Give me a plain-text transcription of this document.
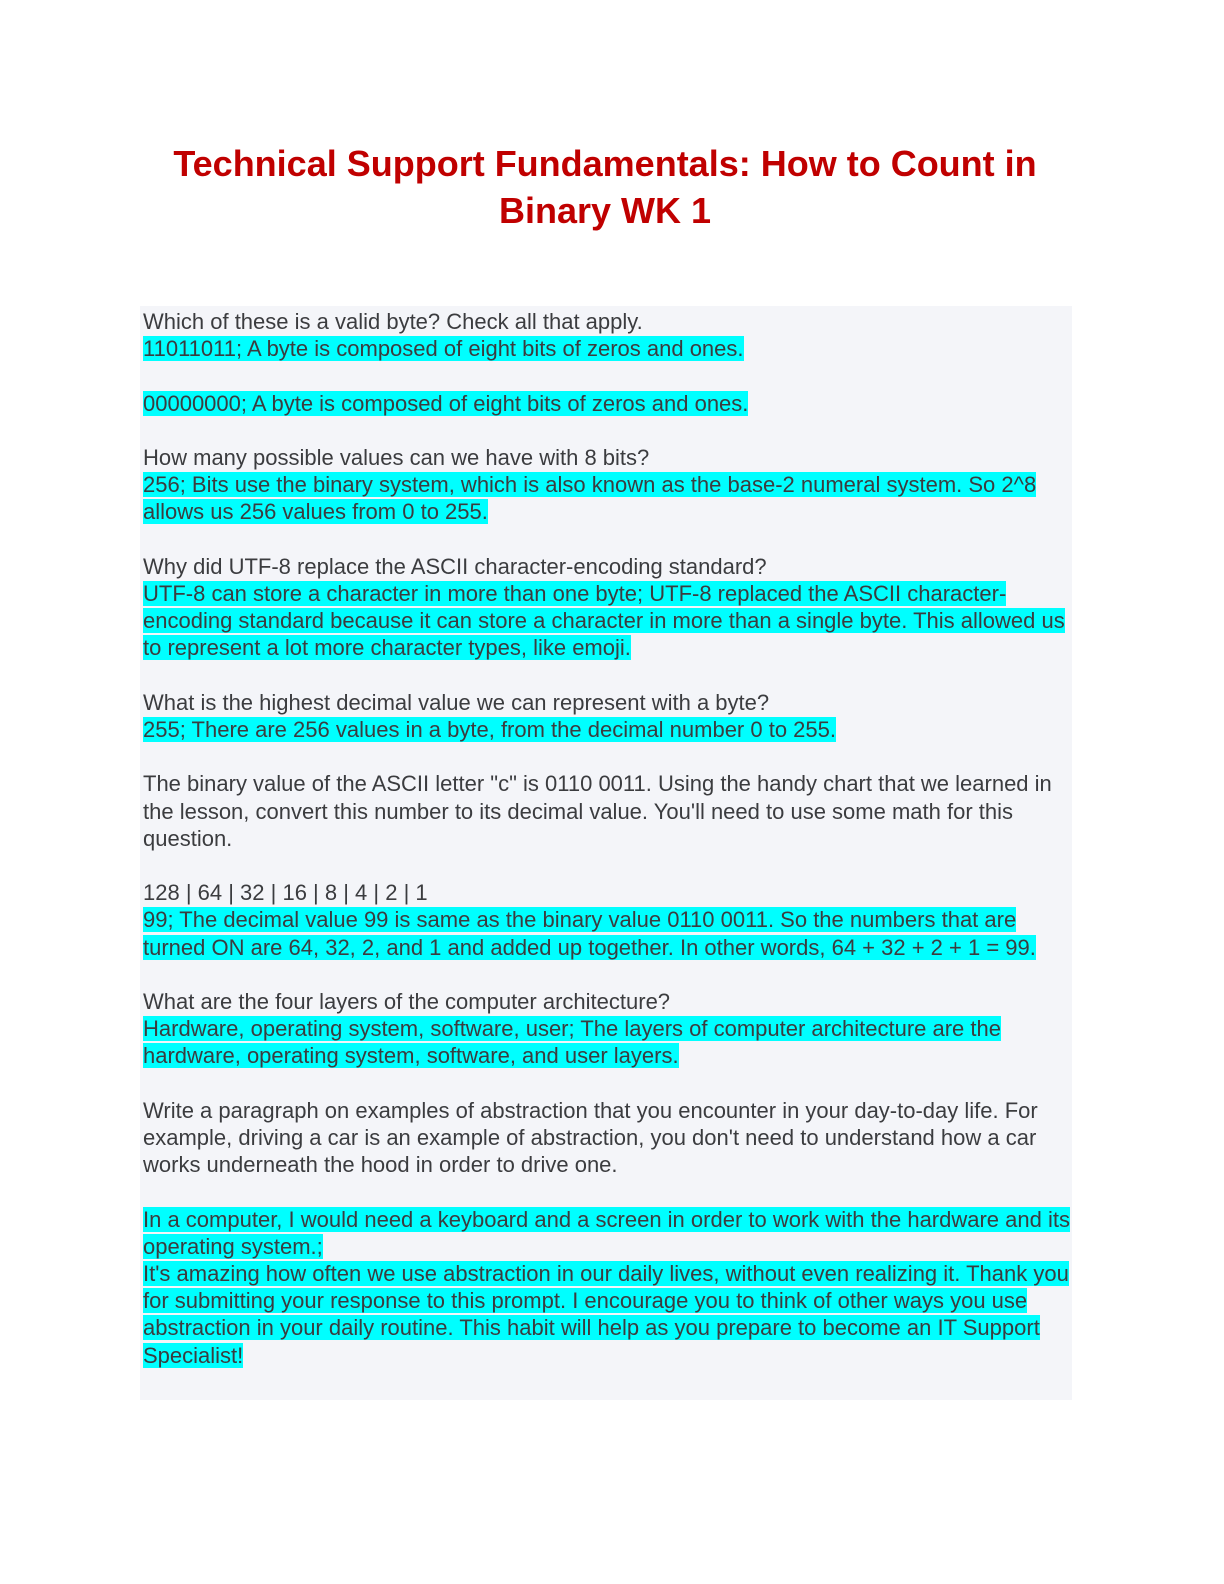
Technical Support Fundamentals: How to Count in Binary WK 1
Which of these is a valid byte? Check all that apply.
11011011; A byte is composed of eight bits of zeros and ones.
00000000; A byte is composed of eight bits of zeros and ones.
How many possible values can we have with 8 bits?
256; Bits use the binary system, which is also known as the base-2 numeral system. So 2^8 allows us 256 values from 0 to 255.
Why did UTF-8 replace the ASCII character-encoding standard?
UTF-8 can store a character in more than one byte; UTF-8 replaced the ASCII character-encoding standard because it can store a character in more than a single byte. This allowed us to represent a lot more character types, like emoji.
What is the highest decimal value we can represent with a byte?
255; There are 256 values in a byte, from the decimal number 0 to 255.
The binary value of the ASCII letter "c" is 0110 0011. Using the handy chart that we learned in the lesson, convert this number to its decimal value. You'll need to use some math for this question.
128 | 64 | 32 | 16 | 8 | 4 | 2 | 1
99; The decimal value 99 is same as the binary value 0110 0011. So the numbers that are turned ON are 64, 32, 2, and 1 and added up together. In other words, 64 + 32 + 2 + 1 = 99.
What are the four layers of the computer architecture?
Hardware, operating system, software, user; The layers of computer architecture are the hardware, operating system, software, and user layers.
Write a paragraph on examples of abstraction that you encounter in your day-to-day life. For example, driving a car is an example of abstraction, you don't need to understand how a car works underneath the hood in order to drive one.
In a computer, I would need a keyboard and a screen in order to work with the hardware and its operating system.;
It's amazing how often we use abstraction in our daily lives, without even realizing it. Thank you for submitting your response to this prompt. I encourage you to think of other ways you use abstraction in your daily routine. This habit will help as you prepare to become an IT Support Specialist!
